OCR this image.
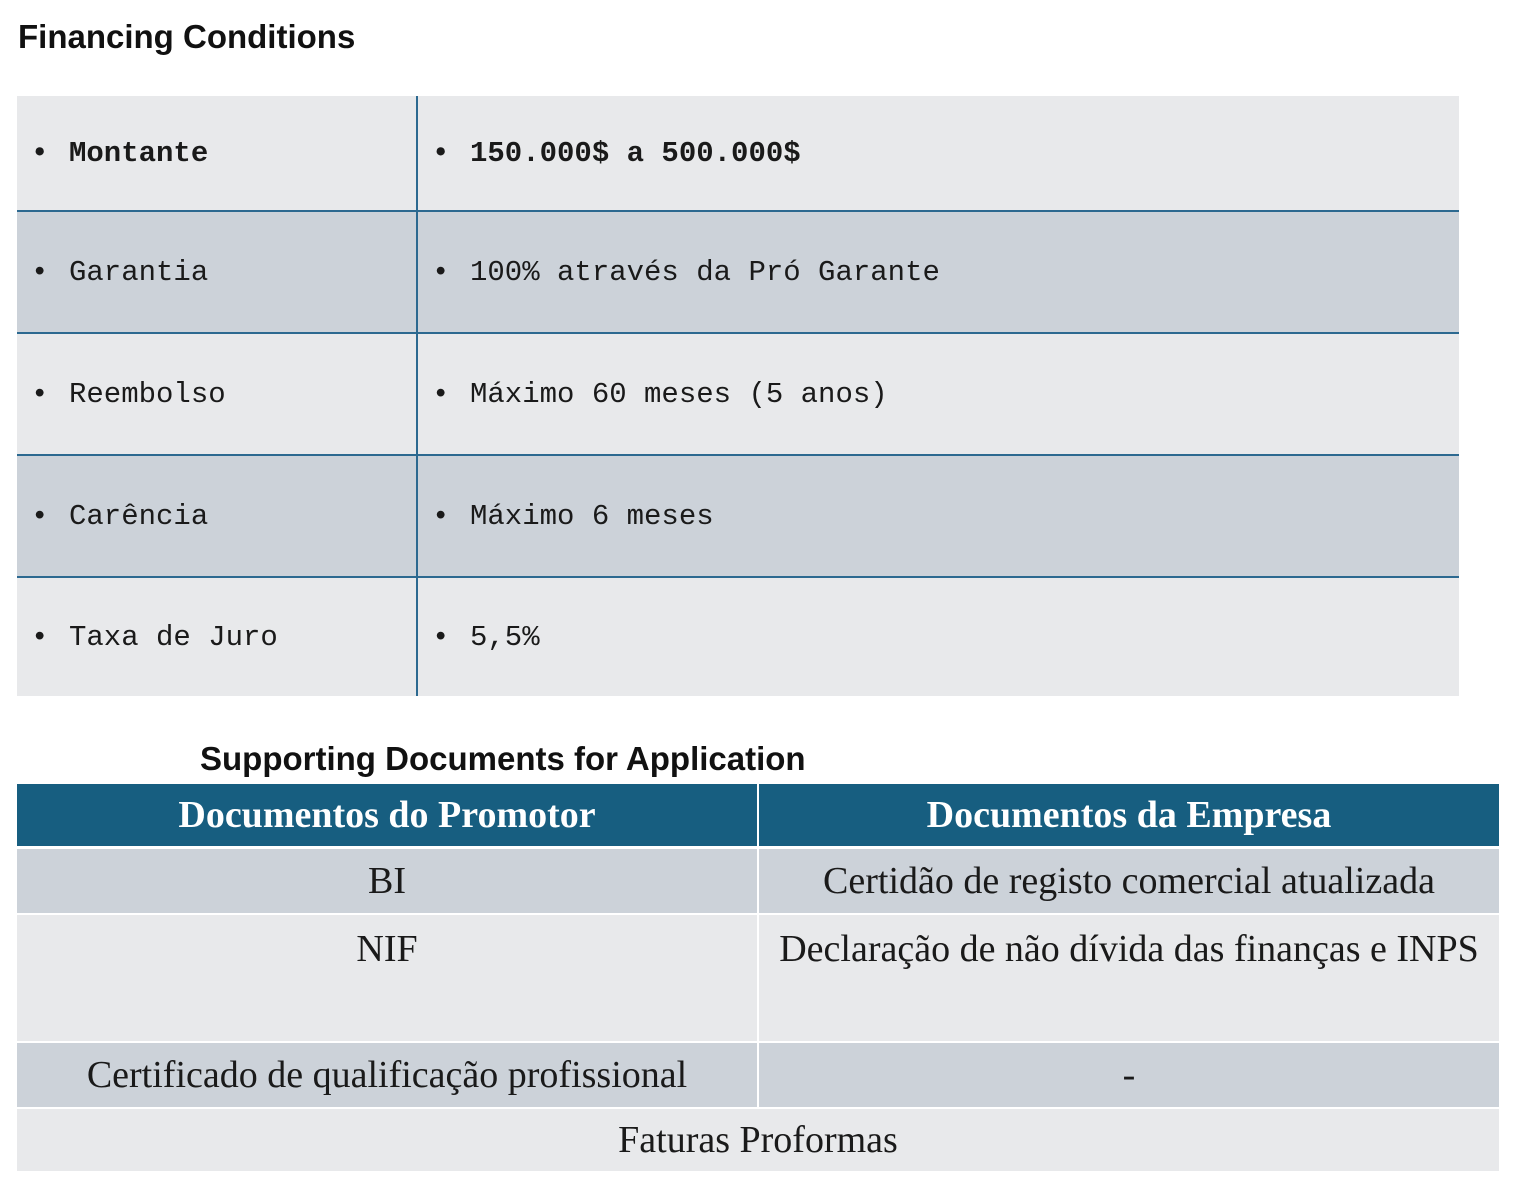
Financing Conditions
• Montante	• 150.000$ a 500.000$
• Garantia	• 100% através da Pró Garante
• Reembolso	• Máximo 60 meses (5 anos)
• Carência	• Máximo 6 meses
• Taxa de Juro	• 5,5%
Supporting Documents for Application
Documentos do Promotor	Documentos da Empresa
BI	Certidão de registo comercial atualizada
NIF	Declaração de não dívida das finanças e INPS
Certificado de qualificação profissional	-
Faturas Proformas	
